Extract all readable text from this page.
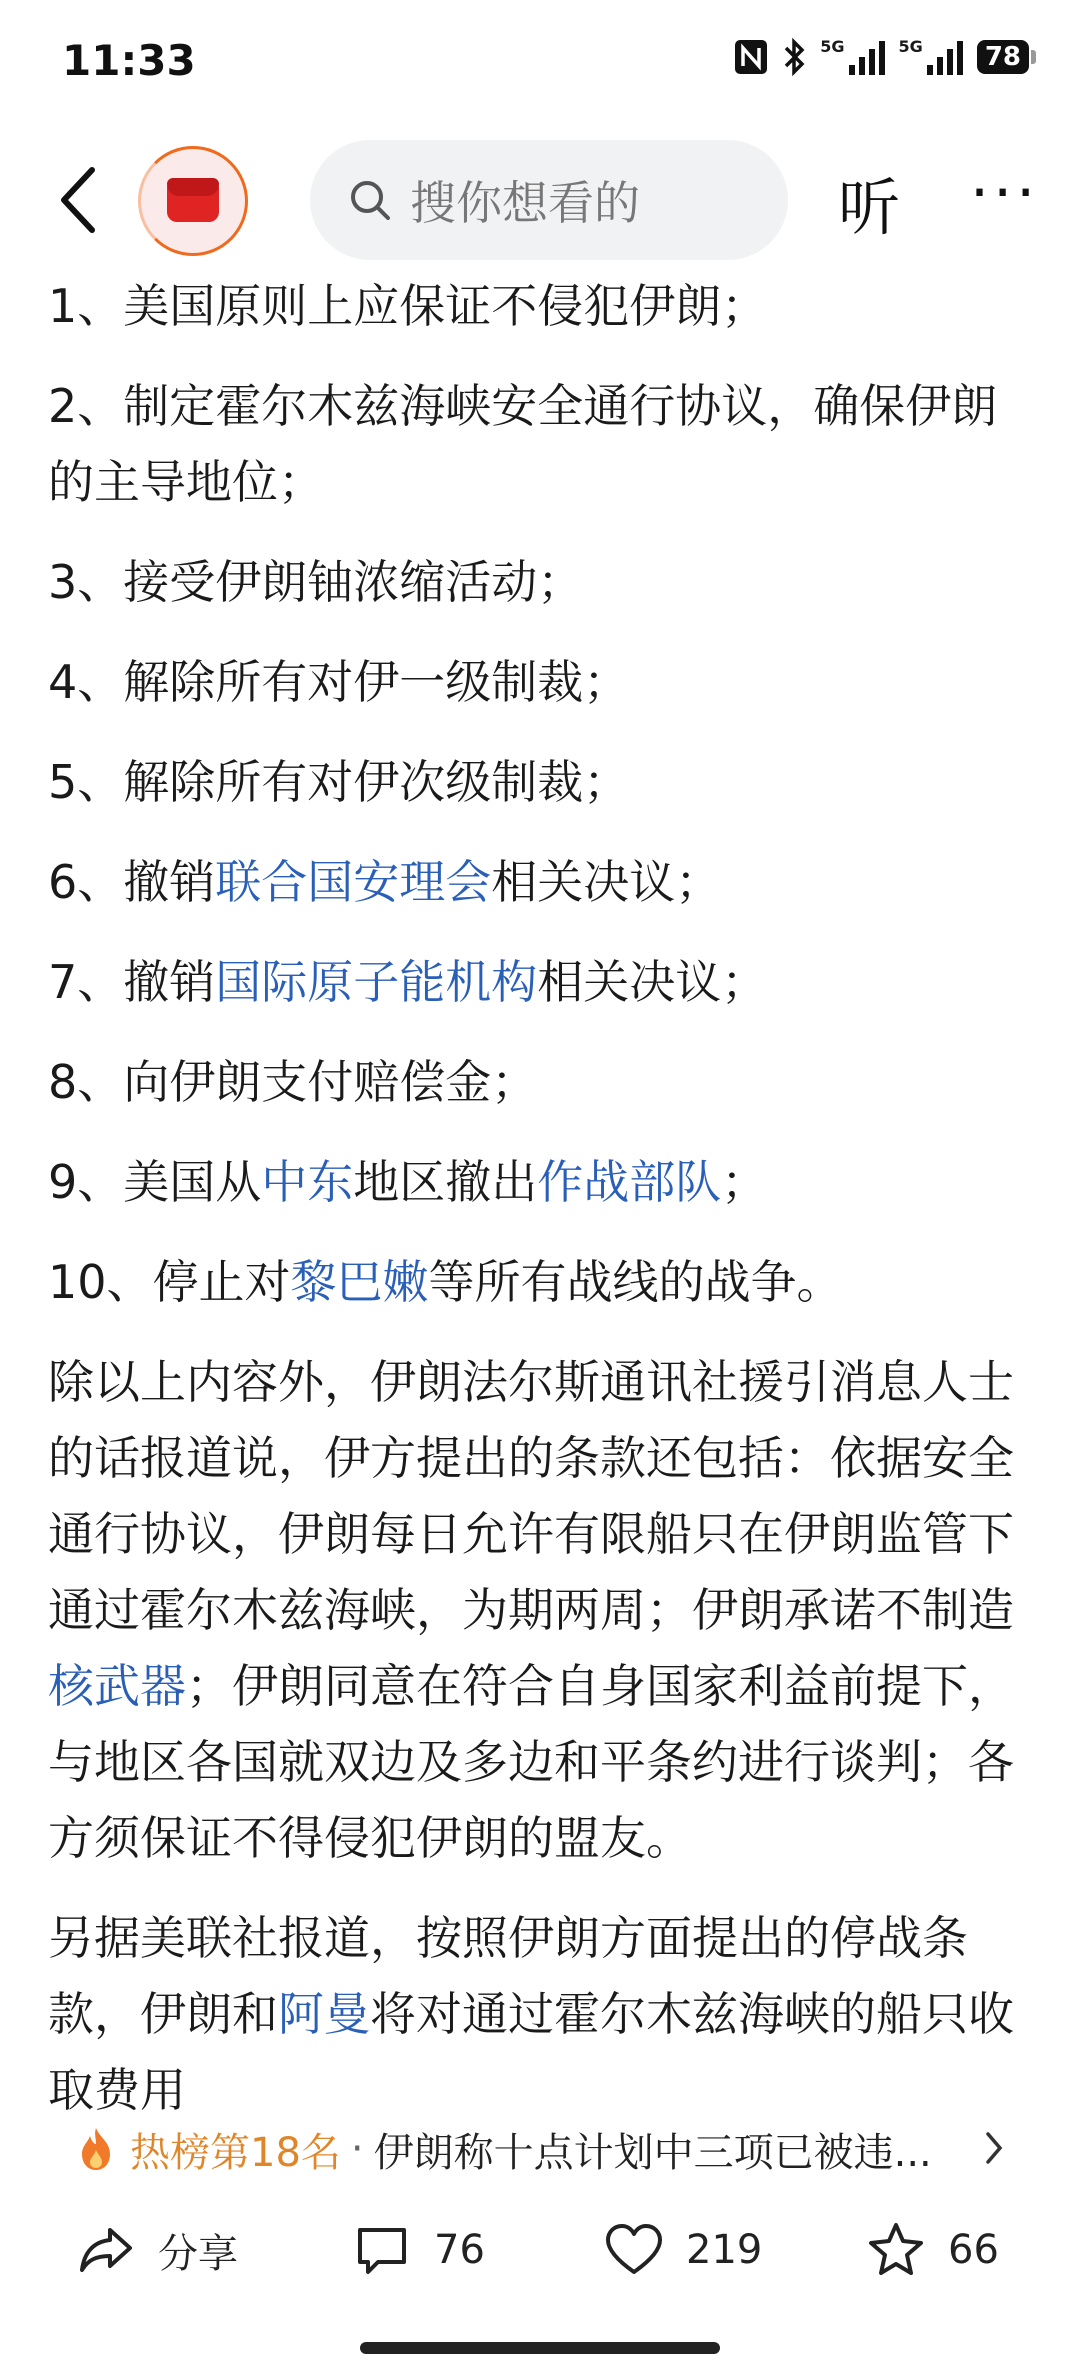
11:33	5G	5G	78
搜你想看的	听 ···
1、美国原则上应保证不侵犯伊朗；
2、制定霍尔木兹海峡安全通行协议，确保伊朗的主导地位；
3、接受伊朗铀浓缩活动；
4、解除所有对伊一级制裁；
5、解除所有对伊次级制裁；
6、撤销联合国安理会相关决议；
7、撤销国际原子能机构相关决议；
8、向伊朗支付赔偿金；
9、美国从中东地区撤出作战部队；
10、停止对黎巴嫩等所有战线的战争。
除以上内容外，伊朗法尔斯通讯社援引消息人士的话报道说，伊方提出的条款还包括：依据安全通行协议，伊朗每日允许有限船只在伊朗监管下通过霍尔木兹海峡，为期两周；伊朗承诺不制造核武器；伊朗同意在符合自身国家利益前提下，与地区各国就双边及多边和平条约进行谈判；各方须保证不得侵犯伊朗的盟友。
另据美联社报道，按照伊朗方面提出的停战条款，伊朗和阿曼将对通过霍尔木兹海峡的船只收取费用
热榜第18名 · 伊朗称十点计划中三项已被违...
分享	76	219	66
